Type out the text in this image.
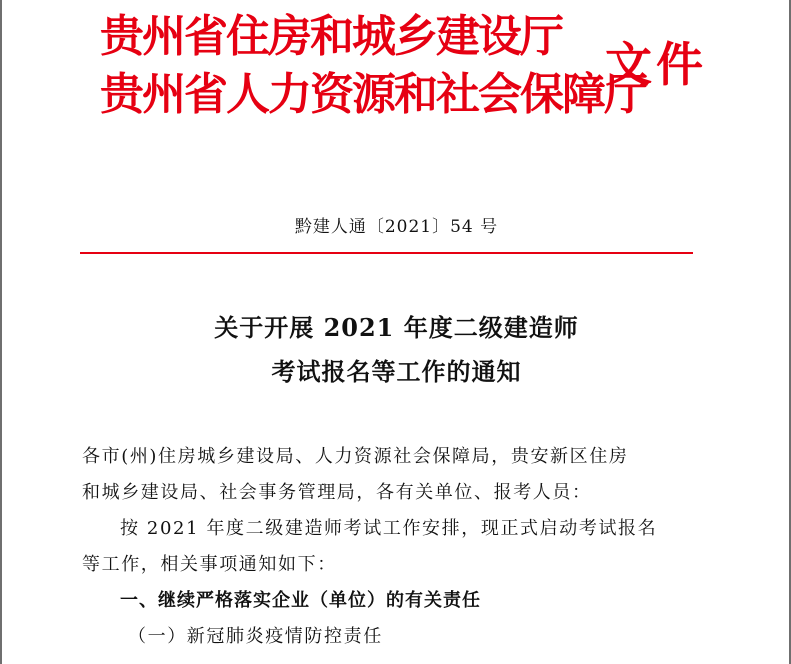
贵州省住房和城乡建设厅
贵州省人力资源和社会保障厅
文件
黔建人通〔2021〕54 号
关于开展 2021 年度二级建造师
考试报名等工作的通知

各市(州)住房城乡建设局、人力资源社会保障局，贵安新区住房

和城乡建设局、社会事务管理局，各有关单位、报考人员：

按 2021 年度二级建造师考试工作安排，现正式启动考试报名

等工作，相关事项通知如下：

一、继续严格落实企业（单位）的有关责任

（一）新冠肺炎疫情防控责任
